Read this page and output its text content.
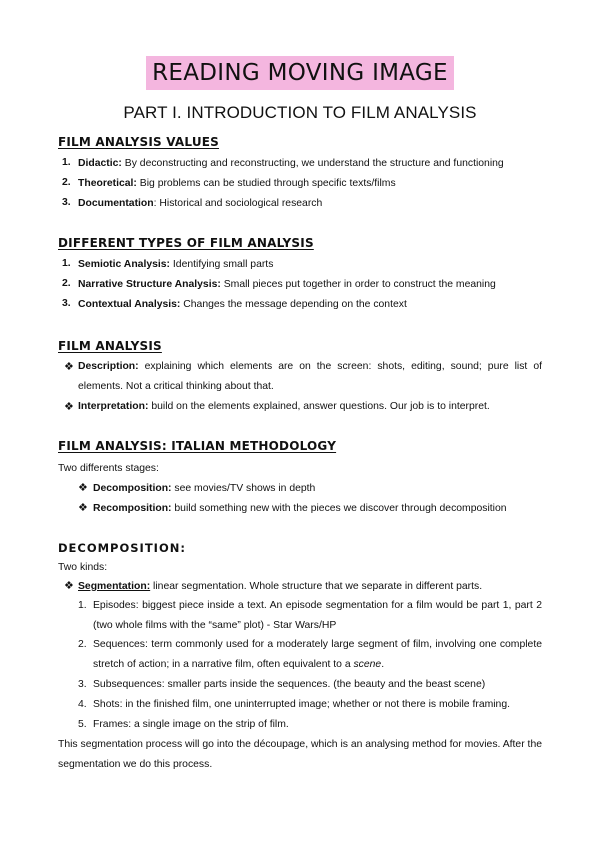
READING MOVING IMAGE
PART I. INTRODUCTION TO FILM ANALYSIS
FILM ANALYSIS VALUES
1. Didactic: By deconstructing and reconstructing, we understand the structure and functioning
2. Theoretical: Big problems can be studied through specific texts/films
3. Documentation: Historical and sociological research
DIFFERENT TYPES OF FILM ANALYSIS
1. Semiotic Analysis: Identifying small parts
2. Narrative Structure Analysis: Small pieces put together in order to construct the meaning
3. Contextual Analysis: Changes the message depending on the context
FILM ANALYSIS
❖ Description: explaining which elements are on the screen: shots, editing, sound; pure list of elements. Not a critical thinking about that.
❖ Interpretation: build on the elements explained, answer questions. Our job is to interpret.
FILM ANALYSIS: ITALIAN METHODOLOGY
Two differents stages:
❖ Decomposition: see movies/TV shows in depth
❖ Recomposition: build something new with the pieces we discover through decomposition
DECOMPOSITION:
Two kinds:
❖ Segmentation: linear segmentation. Whole structure that we separate in different parts.
1. Episodes: biggest piece inside a text. An episode segmentation for a film would be part 1, part 2 (two whole films with the “same” plot) - Star Wars/HP
2. Sequences: term commonly used for a moderately large segment of film, involving one complete stretch of action; in a narrative film, often equivalent to a scene.
3. Subsequences: smaller parts inside the sequences. (the beauty and the beast scene)
4. Shots: in the finished film, one uninterrupted image; whether or not there is mobile framing.
5. Frames: a single image on the strip of film.
This segmentation process will go into the découpage, which is an analysing method for movies. After the segmentation we do this process.
